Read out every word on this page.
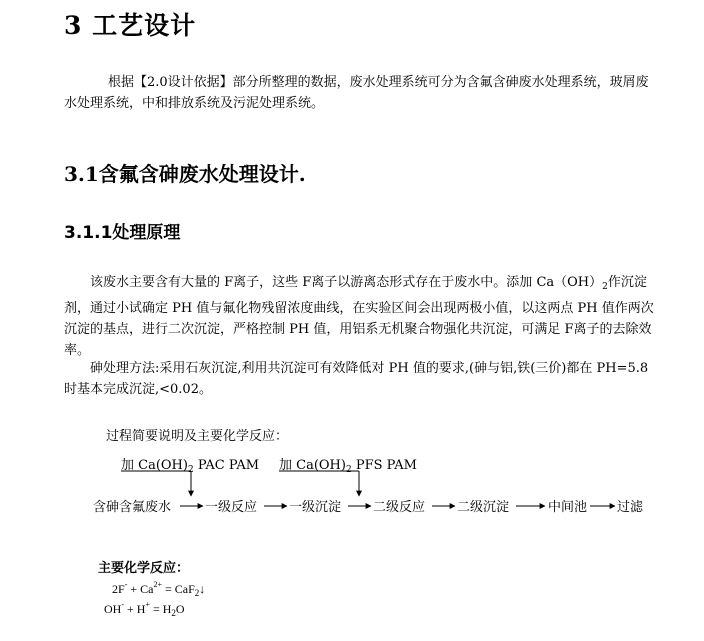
3 工艺设计
根据【2.0设计依据】部分所整理的数据，废水处理系统可分为含氟含砷废水处理系统，玻屑废水处理系统，中和排放系统及污泥处理系统。
3.1含氟含砷废水处理设计.
3.1.1处理原理
该废水主要含有大量的 F离子，这些 F离子以游离态形式存在于废水中。添加 $Ca(OH)_2$作沉淀剂，通过小试确定 PH 值与氟化物残留浓度曲线，在实验区间会出现两极小值，以这两点 PH 值作两次沉淀的基点，进行二次沉淀，严格控制 PH 值，用铝系无机聚合物强化共沉淀，可满足 F离子的去除效率。
砷处理方法:采用石灰沉淀,利用共沉淀可有效降低对 PH 值的要求,(砷与铝,铁(三价)都在 PH=5.8 时基本完成沉淀,<0.02。
过程简要说明及主要化学反应：
加 $Ca(OH)_2$ PAC PAM 加 $Ca(OH)_2$ PFS PAM
含砷含氟废水	一级反应 一级沉淀 二级反应 二级沉淀	中间池 过滤
主要化学反应：
$2F^- + Ca^{2+}$ = CaF$_2$↓
$OH^- + H^+ = H_2O$
